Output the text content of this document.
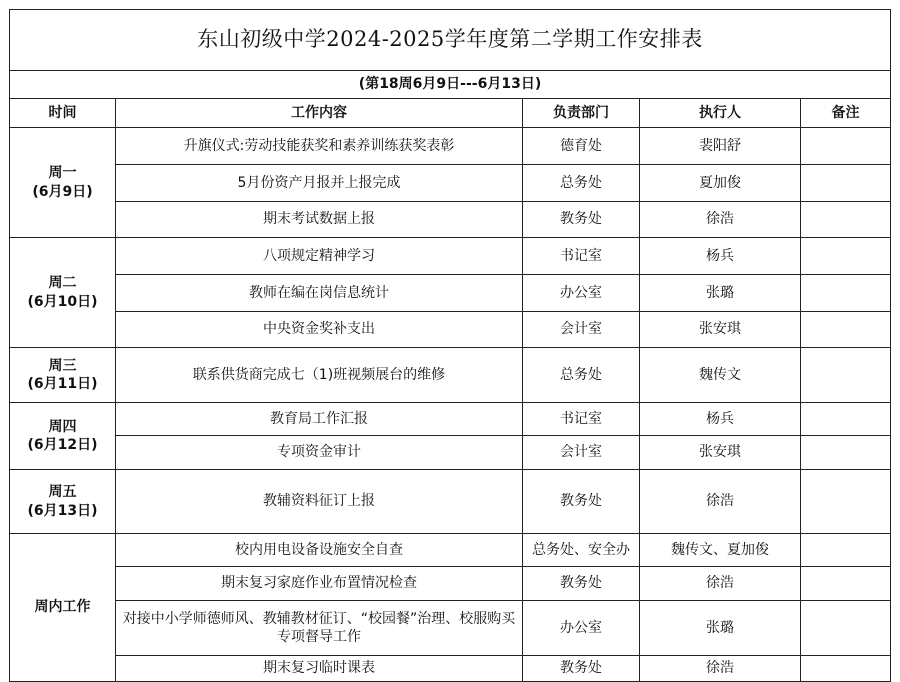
东山初级中学2024-2025学年度第二学期工作安排表				
(第18周6月9日---6月13日)				
时间	工作内容	负责部门	执行人	备注

周一
(6月9日)	升旗仪式:劳动技能获奖和素养训练获奖表彰	德育处	裴阳舒	
	5月份资产月报并上报完成	总务处	夏加俊	
	期末考试数据上报	教务处	徐浩	

周二
(6月10日)	八项规定精神学习	书记室	杨兵	
	教师在编在岗信息统计	办公室	张璐	
	中央资金奖补支出	会计室	张安琪	

周三
(6月11日)	联系供货商完成七（1)班视频展台的维修	总务处	魏传文	

周四
(6月12日)	教育局工作汇报	书记室	杨兵	
	专项资金审计	会计室	张安琪	

周五
(6月13日)	教辅资料征订上报	教务处	徐浩	

周内工作	校内用电设备设施安全自查	总务处、安全办	魏传文、夏加俊	
	期末复习家庭作业布置情况检查	教务处	徐浩	
	对接中小学师德师风、教辅教材征订、“校园餐”治理、校服购买专项督导工作	办公室	张璐	
	期末复习临时课表	教务处	徐浩	
